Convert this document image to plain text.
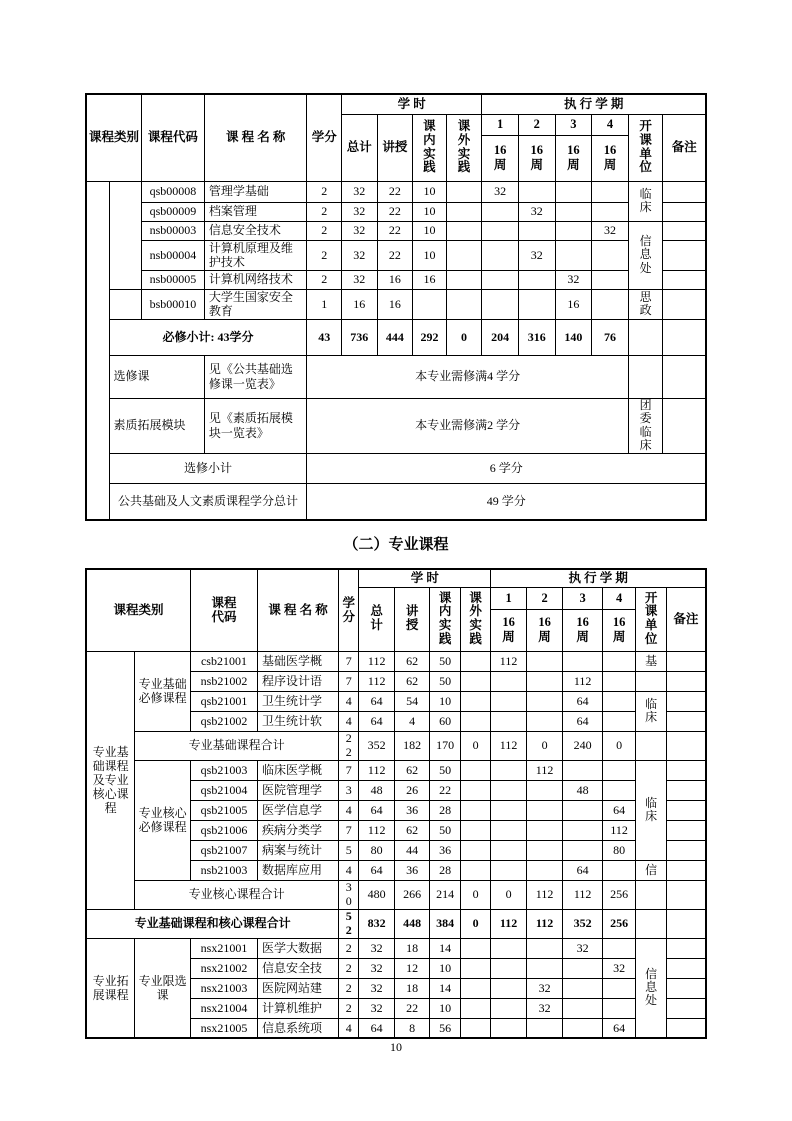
课程类别		课程代码	课 程 名 称	学分	学 时				执 行 学 期					
					总计	讲授	课内实践	课外实践	1	2	3	4	开课单位	备注
									16周	16周	16周	16周		
		qsb00008	管理学基础	2	32	22	10		32				临床	
		qsb00009	档案管理	2	32	22	10			32				
		nsb00003	信息安全技术	2	32	22	10					32	信息处	
		nsb00004	计算机原理及维护技术	2	32	22	10			32				
		nsb00005	计算机网络技术	2	32	16	16				32			
		bsb00010	大学生国家安全教育	1	16	16					16		思政	
	必修小计: 43学分			43	736	444	292	0	204	316	140	76		
	选修课		见《公共基础选修课一览表》	本专业需修满4 学分										
	素质拓展模块		见《素质拓展模块一览表》	本专业需修满2 学分									团委临床	
	选修小计			6 学分										
	公共基础及人文素质课程学分总计			49 学分										
（二）专业课程
课程类别		课程代码	课 程 名 称	学分	学 时				执 行 学 期					
					总计	讲授	课内实践	课外实践	1	2	3	4	开课单位	备注
									16周	16周	16周	16周		
专业基础课程及专业核心课程	专业基础必修课程	csb21001	基础医学概	7	112	62	50		112				基	
		nsb21002	程序设计语	7	112	62	50				112			
		qsb21001	卫生统计学	4	64	54	10				64		临床	
		qsb21002	卫生统计软	4	64	4	60				64			
	专业基础课程合计			22	352	182	170	0	112	0	240	0		
	专业核心必修课程	qsb21003	临床医学概	7	112	62	50			112			临床	
		qsb21004	医院管理学	3	48	26	22				48			
		qsb21005	医学信息学	4	64	36	28					64		
		qsb21006	疾病分类学	7	112	62	50					112		
		qsb21007	病案与统计	5	80	44	36					80		
		nsb21003	数据库应用	4	64	36	28				64		信	
	专业核心课程合计			30	480	266	214	0	0	112	112	256		
专业基础课程和核心课程合计				52	832	448	384	0	112	112	352	256		
专业拓展课程	专业限选课	nsx21001	医学大数据	2	32	18	14				32		信息处	
		nsx21002	信息安全技	2	32	12	10					32		
		nsx21003	医院网站建	2	32	18	14			32				
		nsx21004	计算机维护	2	32	22	10			32				
		nsx21005	信息系统项	4	64	8	56					64		
10
